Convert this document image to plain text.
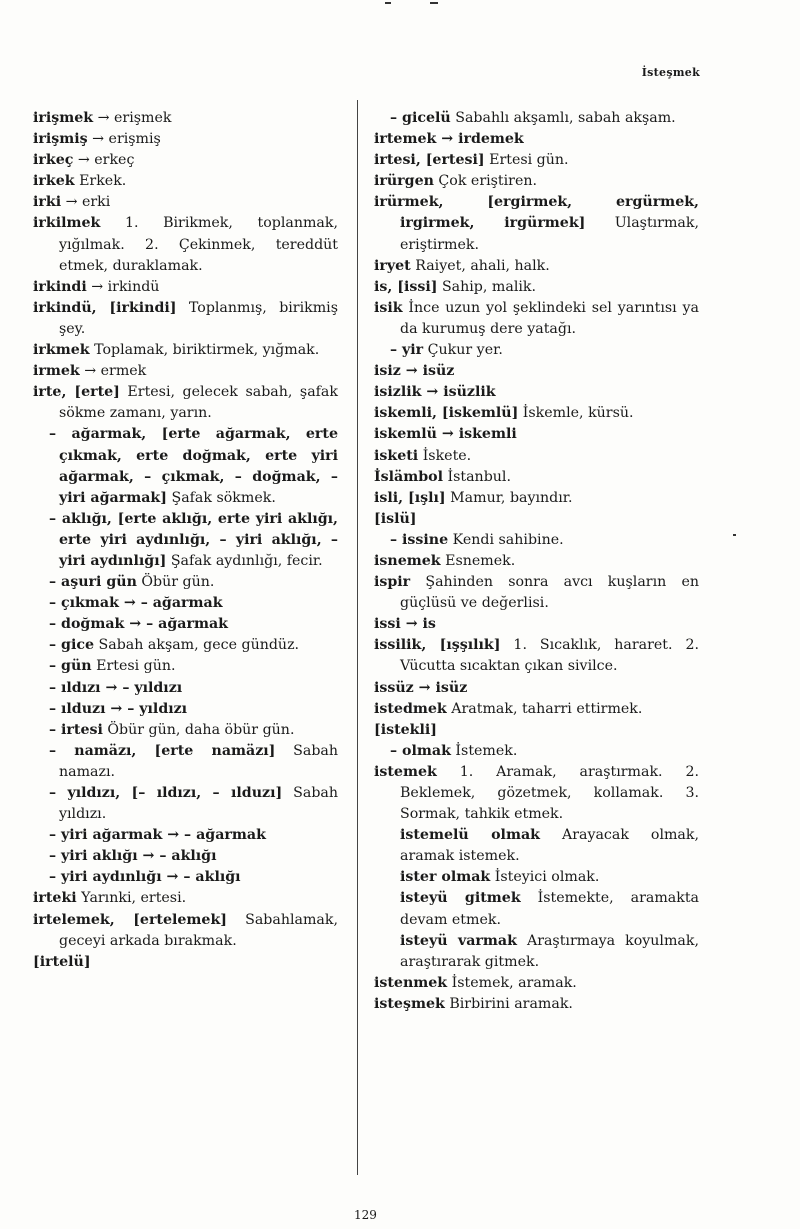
İsteşmek
irişmek → erişmek
irişmiş → erişmiş
irkeç → erkeç
irkek Erkek.
irki → erki
irkilmek 1. Birikmek, toplanmak, yığılmak. 2. Çekinmek, tereddüt etmek, duraklamak.
irkindi → irkindü
irkindü, [irkindi] Toplanmış, birikmiş şey.
irkmek Toplamak, biriktirmek, yığmak.
irmek → ermek
irte, [erte] Ertesi, gelecek sabah, şafak sökme zamanı, yarın.
– ağarmak, [erte ağarmak, erte çıkmak, erte doğmak, erte yiri ağarmak, – çıkmak, – doğmak, – yiri ağarmak] Şafak sökmek.
– aklığı, [erte aklığı, erte yiri aklığı, erte yiri aydınlığı, – yiri aklığı, – yiri aydınlığı] Şafak aydınlığı, fecir.
– aşuri gün Öbür gün.
– çıkmak → – ağarmak
– doğmak → – ağarmak
– gice Sabah akşam, gece gündüz.
– gün Ertesi gün.
– ıldızı → – yıldızı
– ılduzı → – yıldızı
– irtesi Öbür gün, daha öbür gün.
– namäzı, [erte namäzı] Sabah namazı.
– yıldızı, [– ıldızı, – ılduzı] Sabah yıldızı.
– yiri ağarmak → – ağarmak
– yiri aklığı → – aklığı
– yiri aydınlığı → – aklığı
irteki Yarınki, ertesi.
irtelemek, [ertelemek] Sabahlamak, geceyi arkada bırakmak.
[irtelü]
– gicelü Sabahlı akşamlı, sabah akşam.
irtemek → irdemek
irtesi, [ertesi] Ertesi gün.
irürgen Çok eriştiren.
irürmek, [ergirmek, ergürmek, irgirmek, irgürmek] Ulaştırmak, eriştirmek.
iryet Raiyet, ahali, halk.
is, [issi] Sahip, malik.
isik İnce uzun yol şeklindeki sel yarıntısı ya da kurumuş dere yatağı.
– yir Çukur yer.
isiz → isüz
isizlik → isüzlik
iskemli, [iskemlü] İskemle, kürsü.
iskemlü → iskemli
isketi İskete.
İslämbol İstanbul.
isli, [ışlı] Mamur, bayındır.
[islü]
– issine Kendi sahibine.
isnemek Esnemek.
ispir Şahinden sonra avcı kuşların en güçlüsü ve değerlisi.
issi → is
issilik, [ışşılık] 1. Sıcaklık, hararet. 2. Vücutta sıcaktan çıkan sivilce.
issüz → isüz
istedmek Aratmak, taharri ettirmek.
[istekli]
– olmak İstemek.
istemek 1. Aramak, araştırmak. 2. Beklemek, gözetmek, kollamak. 3. Sormak, tahkik etmek.
istemelü olmak Arayacak olmak, aramak istemek.
ister olmak İsteyici olmak.
isteyü gitmek İstemekte, aramakta devam etmek.
isteyü varmak Araştırmaya koyulmak, araştırarak gitmek.
istenmek İstemek, aramak.
isteşmek Birbirini aramak.
129
